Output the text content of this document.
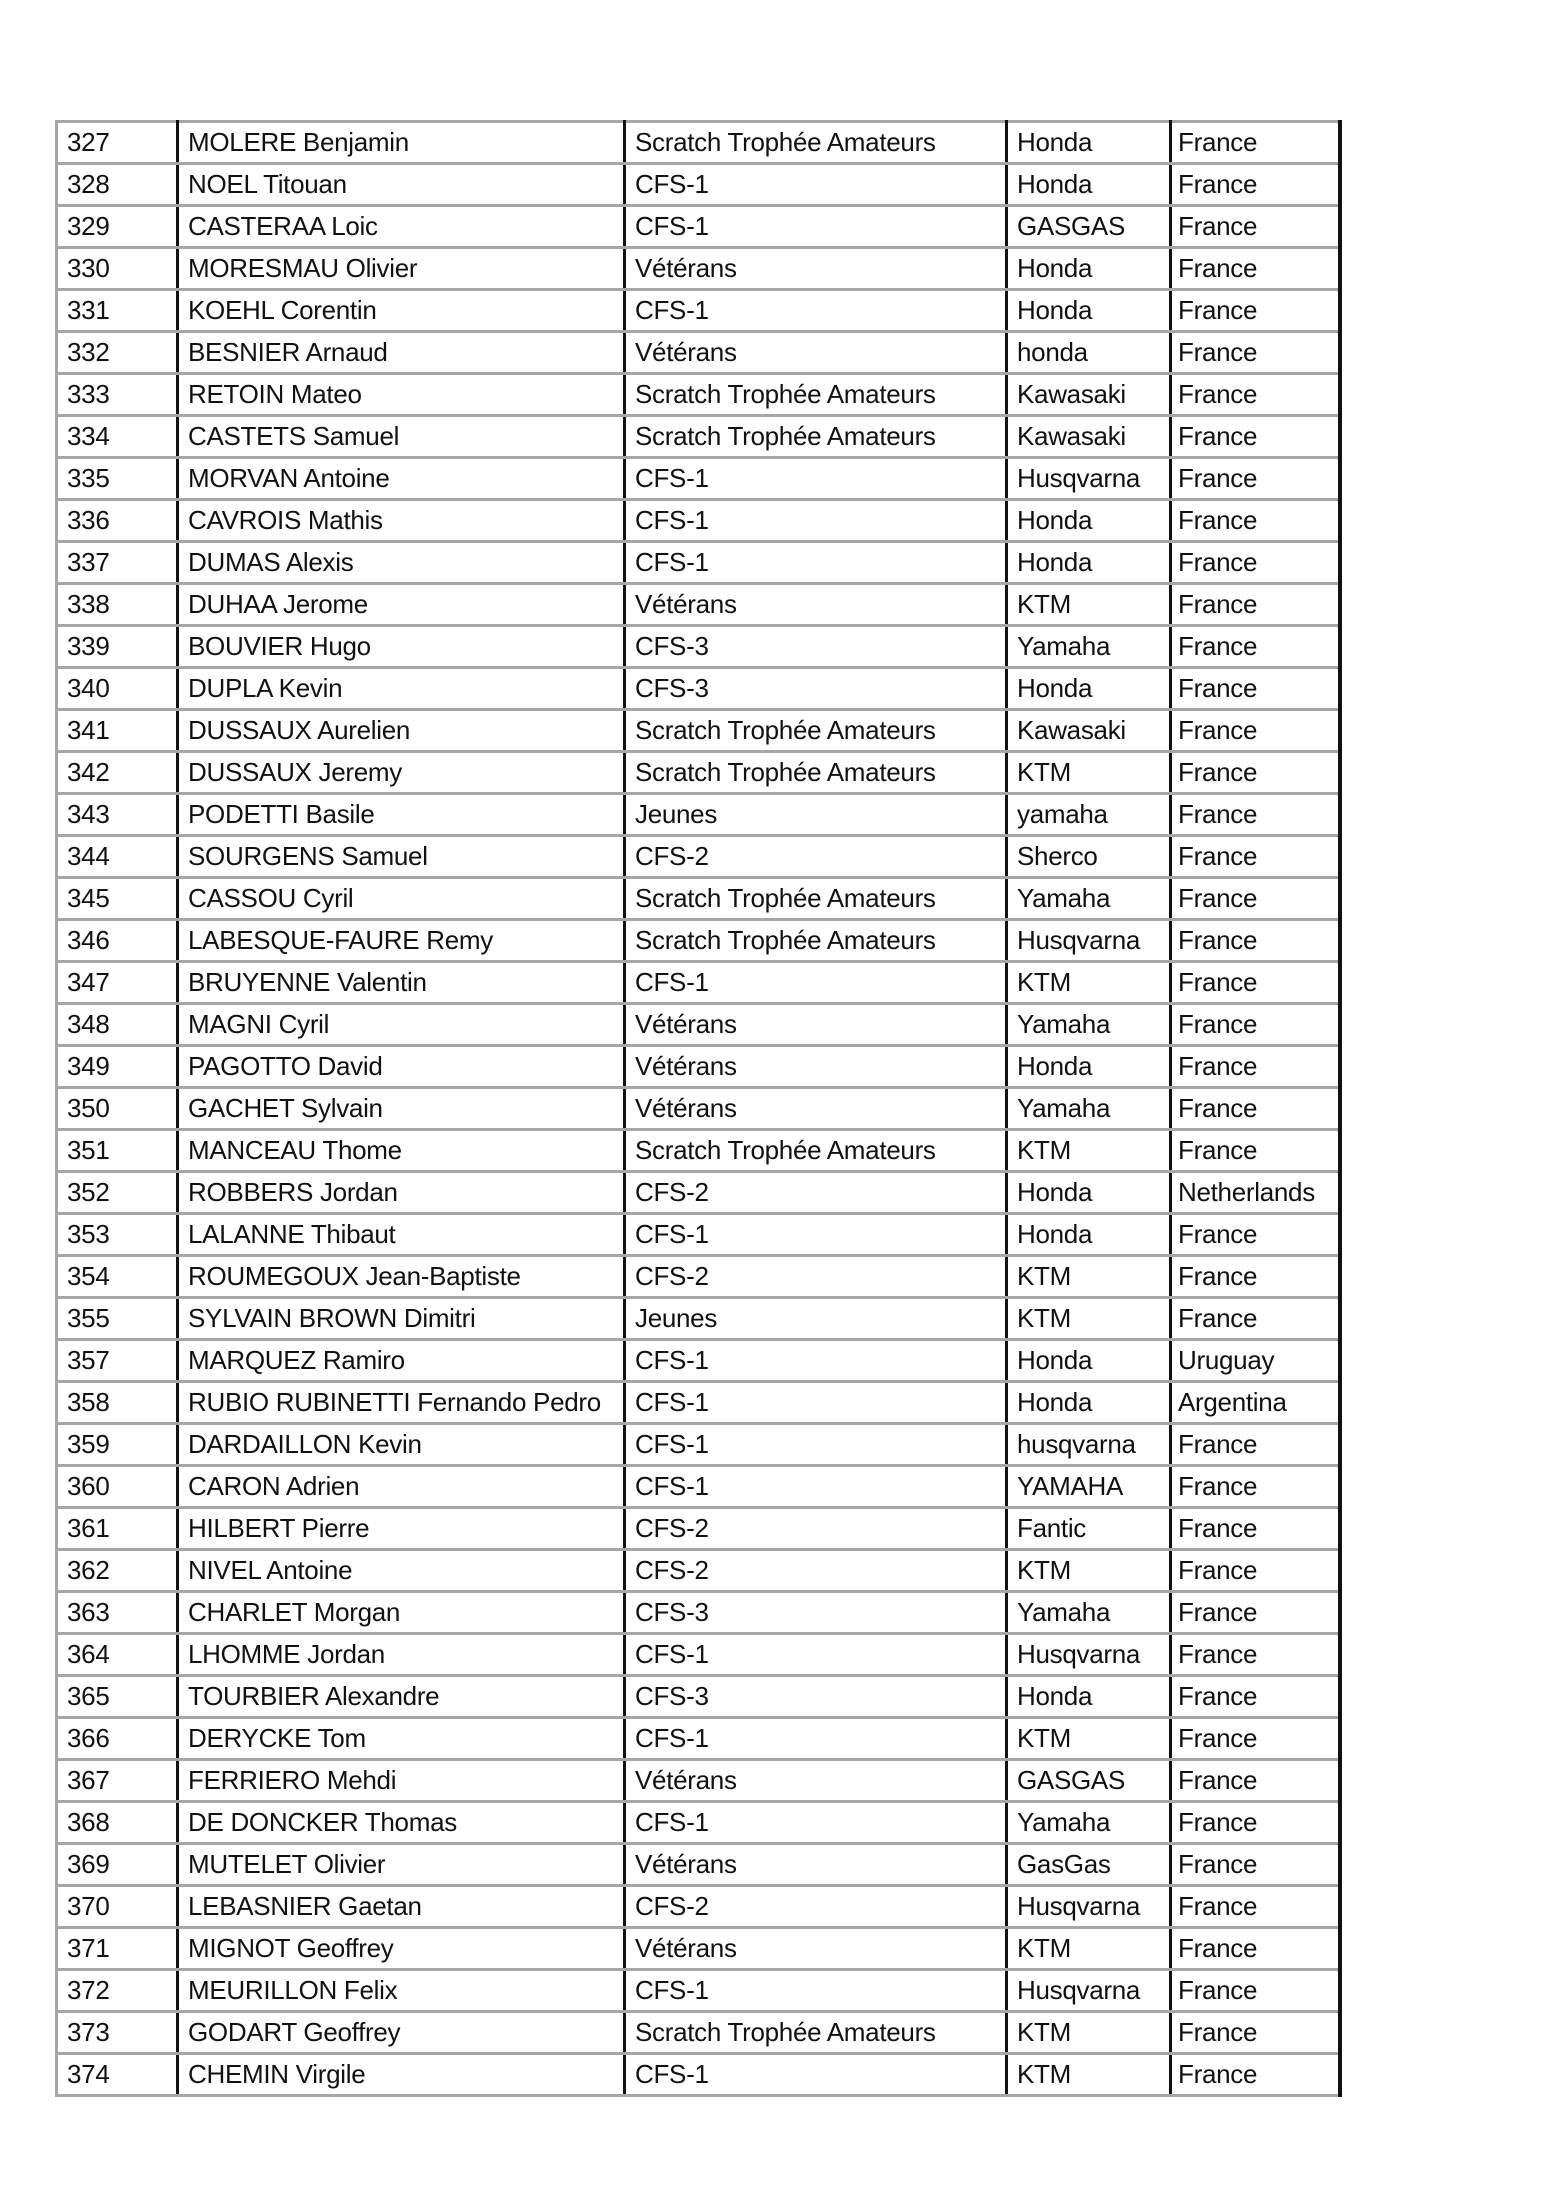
327	MOLERE Benjamin	Scratch Trophée Amateurs	Honda	France
328	NOEL Titouan	CFS-1	Honda	France
329	CASTERAA Loic	CFS-1	GASGAS	France
330	MORESMAU Olivier	Vétérans	Honda	France
331	KOEHL Corentin	CFS-1	Honda	France
332	BESNIER Arnaud	Vétérans	honda	France
333	RETOIN Mateo	Scratch Trophée Amateurs	Kawasaki	France
334	CASTETS Samuel	Scratch Trophée Amateurs	Kawasaki	France
335	MORVAN Antoine	CFS-1	Husqvarna	France
336	CAVROIS Mathis	CFS-1	Honda	France
337	DUMAS Alexis	CFS-1	Honda	France
338	DUHAA Jerome	Vétérans	KTM	France
339	BOUVIER Hugo	CFS-3	Yamaha	France
340	DUPLA Kevin	CFS-3	Honda	France
341	DUSSAUX Aurelien	Scratch Trophée Amateurs	Kawasaki	France
342	DUSSAUX Jeremy	Scratch Trophée Amateurs	KTM	France
343	PODETTI Basile	Jeunes	yamaha	France
344	SOURGENS Samuel	CFS-2	Sherco	France
345	CASSOU Cyril	Scratch Trophée Amateurs	Yamaha	France
346	LABESQUE-FAURE Remy	Scratch Trophée Amateurs	Husqvarna	France
347	BRUYENNE Valentin	CFS-1	KTM	France
348	MAGNI Cyril	Vétérans	Yamaha	France
349	PAGOTTO David	Vétérans	Honda	France
350	GACHET Sylvain	Vétérans	Yamaha	France
351	MANCEAU Thome	Scratch Trophée Amateurs	KTM	France
352	ROBBERS Jordan	CFS-2	Honda	Netherlands
353	LALANNE Thibaut	CFS-1	Honda	France
354	ROUMEGOUX Jean-Baptiste	CFS-2	KTM	France
355	SYLVAIN BROWN Dimitri	Jeunes	KTM	France
357	MARQUEZ Ramiro	CFS-1	Honda	Uruguay
358	RUBIO RUBINETTI Fernando Pedro	CFS-1	Honda	Argentina
359	DARDAILLON Kevin	CFS-1	husqvarna	France
360	CARON Adrien	CFS-1	YAMAHA	France
361	HILBERT Pierre	CFS-2	Fantic	France
362	NIVEL Antoine	CFS-2	KTM	France
363	CHARLET Morgan	CFS-3	Yamaha	France
364	LHOMME Jordan	CFS-1	Husqvarna	France
365	TOURBIER Alexandre	CFS-3	Honda	France
366	DERYCKE Tom	CFS-1	KTM	France
367	FERRIERO Mehdi	Vétérans	GASGAS	France
368	DE DONCKER Thomas	CFS-1	Yamaha	France
369	MUTELET Olivier	Vétérans	GasGas	France
370	LEBASNIER Gaetan	CFS-2	Husqvarna	France
371	MIGNOT Geoffrey	Vétérans	KTM	France
372	MEURILLON Felix	CFS-1	Husqvarna	France
373	GODART Geoffrey	Scratch Trophée Amateurs	KTM	France
374	CHEMIN Virgile	CFS-1	KTM	France
